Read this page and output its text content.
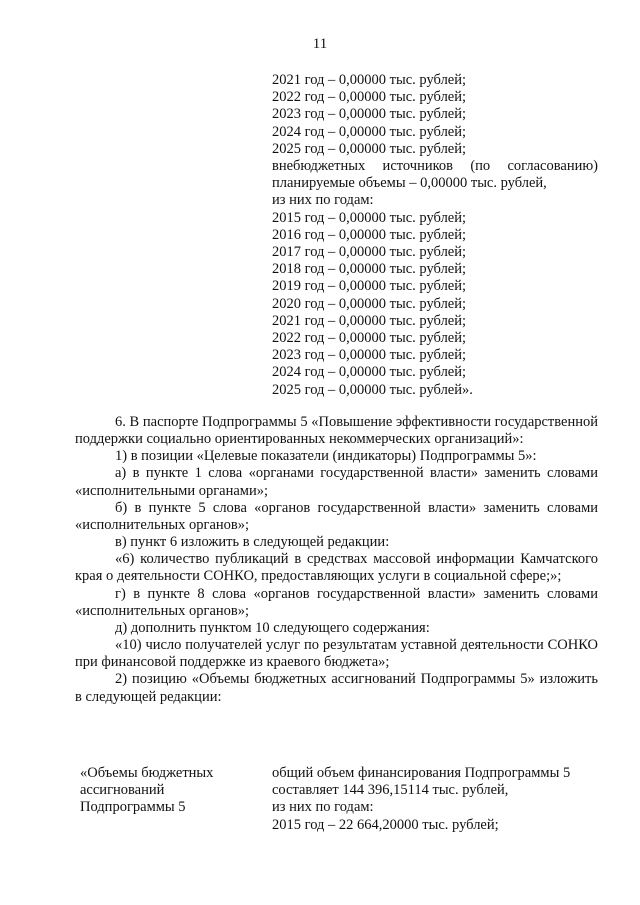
11
2021 год – 0,00000 тыс. рублей;
2022 год – 0,00000 тыс. рублей;
2023 год – 0,00000 тыс. рублей;
2024 год – 0,00000 тыс. рублей;
2025 год – 0,00000 тыс. рублей;
внебюджетных источников (по согласованию)
планируемые объемы – 0,00000 тыс. рублей,
из них по годам:
2015 год – 0,00000 тыс. рублей;
2016 год – 0,00000 тыс. рублей;
2017 год – 0,00000 тыс. рублей;
2018 год – 0,00000 тыс. рублей;
2019 год – 0,00000 тыс. рублей;
2020 год – 0,00000 тыс. рублей;
2021 год – 0,00000 тыс. рублей;
2022 год – 0,00000 тыс. рублей;
2023 год – 0,00000 тыс. рублей;
2024 год – 0,00000 тыс. рублей;
2025 год – 0,00000 тыс. рублей».

6. В паспорте Подпрограммы 5 «Повышение эффективности государственной поддержки социально ориентированных некоммерческих организаций»:

1) в позиции «Целевые показатели (индикаторы) Подпрограммы 5»:

а) в пункте 1 слова «органами государственной власти» заменить словами «исполнительными органами»;

б) в пункте 5 слова «органов государственной власти» заменить словами «исполнительных органов»;

в) пункт 6 изложить в следующей редакции:

«6) количество публикаций в средствах массовой информации Камчатского края о деятельности СОНКО, предоставляющих услуги в социальной сфере;»;

г) в пункте 8 слова «органов государственной власти» заменить словами «исполнительных органов»;

д) дополнить пунктом 10 следующего содержания:

«10) число получателей услуг по результатам уставной деятельности СОНКО при финансовой поддержке из краевого бюджета»;

2) позицию «Объемы бюджетных ассигнований Подпрограммы 5» изложить в следующей редакции:

«Объемы бюджетных
ассигнований
Подпрограммы 5
общий объем финансирования Подпрограммы 5
составляет 144 396,15114 тыс. рублей,
из них по годам:
2015 год – 22 664,20000 тыс. рублей;
